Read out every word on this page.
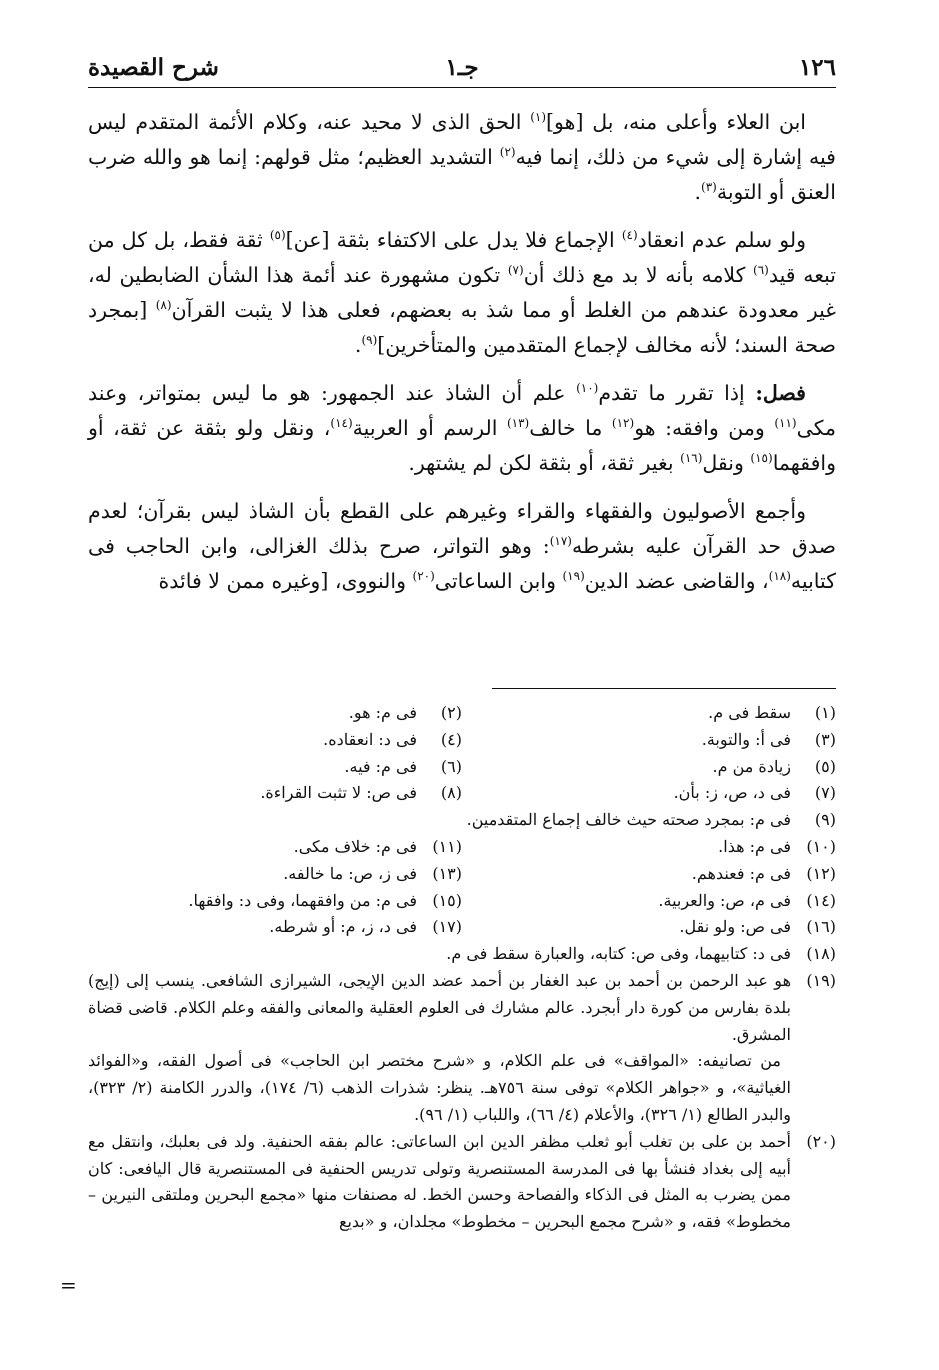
١٢٦
جـ١
شرح القصيدة

ابن العلاء وأعلى منه، بل [هو]$^{(١)}$ الحق الذى لا محيد عنه، وكلام الأئمة المتقدم ليس فيه إشارة إلى شيء من ذلك، إنما فيه$^{(٢)}$ التشديد العظيم؛ مثل قولهم: إنما هو والله ضرب العنق أو التوبة$^{(٣)}$.

ولو سلم عدم انعقاد$^{(٤)}$ الإجماع فلا يدل على الاكتفاء بثقة [عن]$^{(٥)}$ ثقة فقط، بل كل من تبعه قيد$^{(٦)}$ كلامه بأنه لا بد مع ذلك أن$^{(٧)}$ تكون مشهورة عند أئمة هذا الشأن الضابطين له، غير معدودة عندهم من الغلط أو مما شذ به بعضهم، فعلى هذا لا يثبت القرآن$^{(٨)}$ [بمجرد صحة السند؛ لأنه مخالف لإجماع المتقدمين والمتأخرين]$^{(٩)}$.

فصل: إذا تقرر ما تقدم$^{(١٠)}$ علم أن الشاذ عند الجمهور: هو ما ليس بمتواتر، وعند مكى$^{(١١)}$ ومن وافقه: هو$^{(١٢)}$ ما خالف$^{(١٣)}$ الرسم أو العربية$^{(١٤)}$، ونقل ولو بثقة عن ثقة، أو وافقهما$^{(١٥)}$ ونقل$^{(١٦)}$ بغير ثقة، أو بثقة لكن لم يشتهر.

وأجمع الأصوليون والفقهاء والقراء وغيرهم على القطع بأن الشاذ ليس بقرآن؛ لعدم صدق حد القرآن عليه بشرطه$^{(١٧)}$: وهو التواتر، صرح بذلك الغزالى، وابن الحاجب فى كتابيه$^{(١٨)}$، والقاضى عضد الدين$^{(١٩)}$ وابن الساعاتى$^{(٢٠)}$ والنووى، [وغيره ممن لا فائدة

(١)
سقط فى م.
(٢)
فى م: هو.
(٣)
فى أ: والتوبة.
(٤)
فى د: انعقاده.
(٥)
زيادة من م.
(٦)
فى م: فيه.
(٧)
فى د، ص، ز: بأن.
(٨)
فى ص: لا تثبت القراءة.
(٩)
فى م: بمجرد صحته حيث خالف إجماع المتقدمين.
(١٠)
فى م: هذا.
(١١)
فى م: خلاف مكى.
(١٢)
فى م: فعندهم.
(١٣)
فى ز، ص: ما خالفه.
(١٤)
فى م، ص: والعربية.
(١٥)
فى م: من وافقهما، وفى د: وافقها.
(١٦)
فى ص: ولو نقل.
(١٧)
فى د، ز، م: أو شرطه.
(١٨)
فى د: كتابيهما، وفى ص: كتابه، والعبارة سقط فى م.
(١٩)
هو عبد الرحمن بن أحمد بن عبد الغفار بن أحمد عضد الدين الإيجى، الشيرازى الشافعى. ينسب إلى (إيج) بلدة بفارس من كورة دار أبجرد. عالم مشارك فى العلوم العقلية والمعانى والفقه وعلم الكلام. قاضى قضاة المشرق.
من تصانيفه: «المواقف» فى علم الكلام، و «شرح مختصر ابن الحاجب» فى أصول الفقه، و«الفوائد الغياثية»، و «جواهر الكلام» توفى سنة ٧٥٦هـ. ينظر: شذرات الذهب (٦/ ١٧٤)، والدرر الكامنة (٢/ ٣٢٣)، والبدر الطالع (١/ ٣٢٦)، والأعلام (٤/ ٦٦)، واللباب (١/ ٩٦).
(٢٠)
أحمد بن على بن تغلب أبو ثعلب مظفر الدين ابن الساعاتى: عالم بفقه الحنفية. ولد فى بعلبك، وانتقل مع أبيه إلى بغداد فنشأ بها فى المدرسة المستنصرية وتولى تدريس الحنفية فى المستنصرية قال اليافعى: كان ممن يضرب به المثل فى الذكاء والفصاحة وحسن الخط. له مصنفات منها «مجمع البحرين وملتقى النيرين – مخطوط» فقه، و «شرح مجمع البحرين – مخطوط» مجلدان، و «بديع
=
